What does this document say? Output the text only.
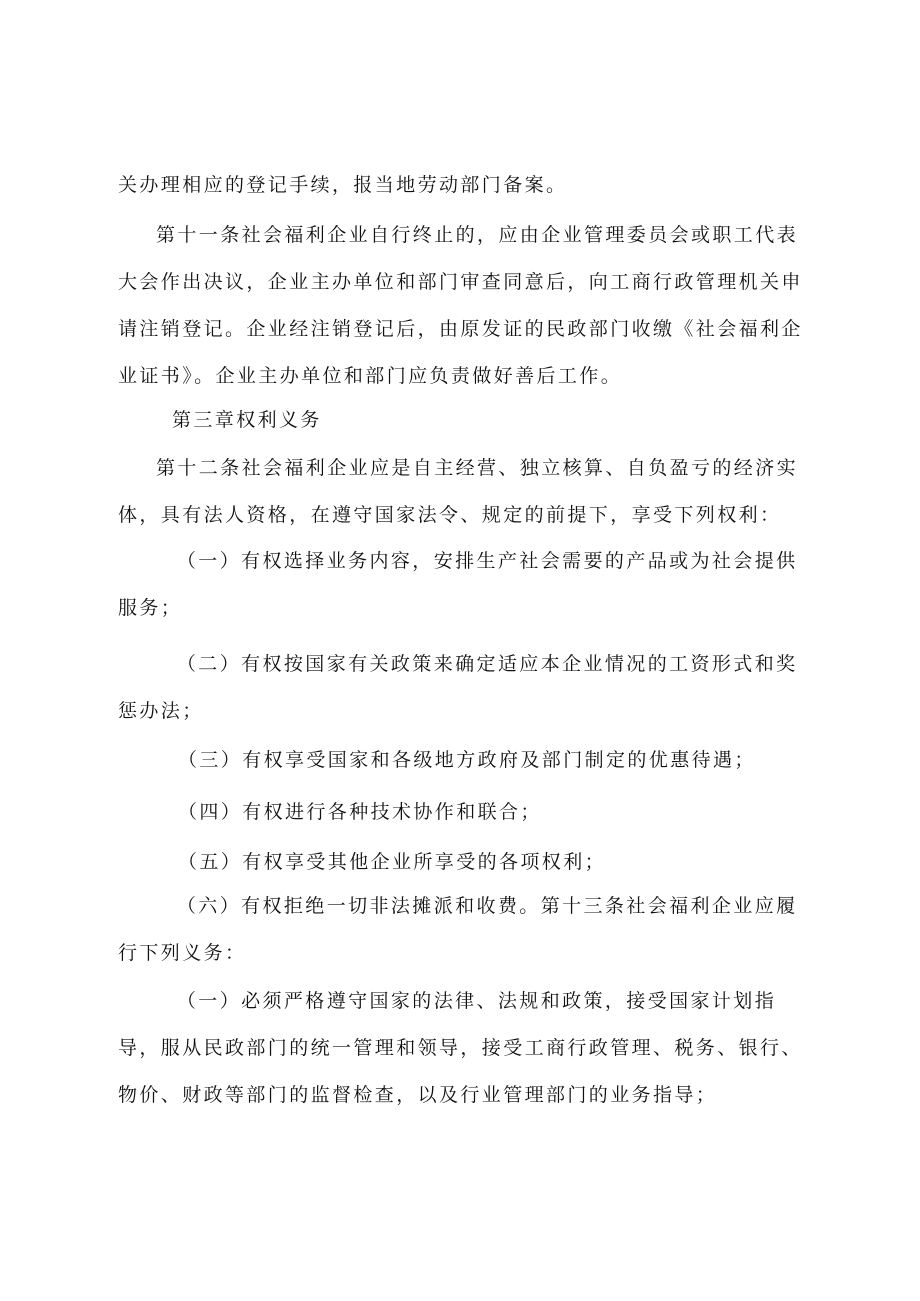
关办理相应的登记手续，报当地劳动部门备案。
第十一条社会福利企业自行终止的，应由企业管理委员会或职工代表大会作出决议，企业主办单位和部门审查同意后，向工商行政管理机关申请注销登记。企业经注销登记后，由原发证的民政部门收缴《社会福利企业证书》。企业主办单位和部门应负责做好善后工作。
第三章权利义务
第十二条社会福利企业应是自主经营、独立核算、自负盈亏的经济实体，具有法人资格，在遵守国家法令、规定的前提下，享受下列权利：
（一）有权选择业务内容，安排生产社会需要的产品或为社会提供服务；
（二）有权按国家有关政策来确定适应本企业情况的工资形式和奖惩办法；
（三）有权享受国家和各级地方政府及部门制定的优惠待遇；
（四）有权进行各种技术协作和联合；
（五）有权享受其他企业所享受的各项权利；
（六）有权拒绝一切非法摊派和收费。第十三条社会福利企业应履行下列义务：
（一）必须严格遵守国家的法律、法规和政策，接受国家计划指导，服从民政部门的统一管理和领导，接受工商行政管理、税务、银行、物价、财政等部门的监督检查，以及行业管理部门的业务指导；
